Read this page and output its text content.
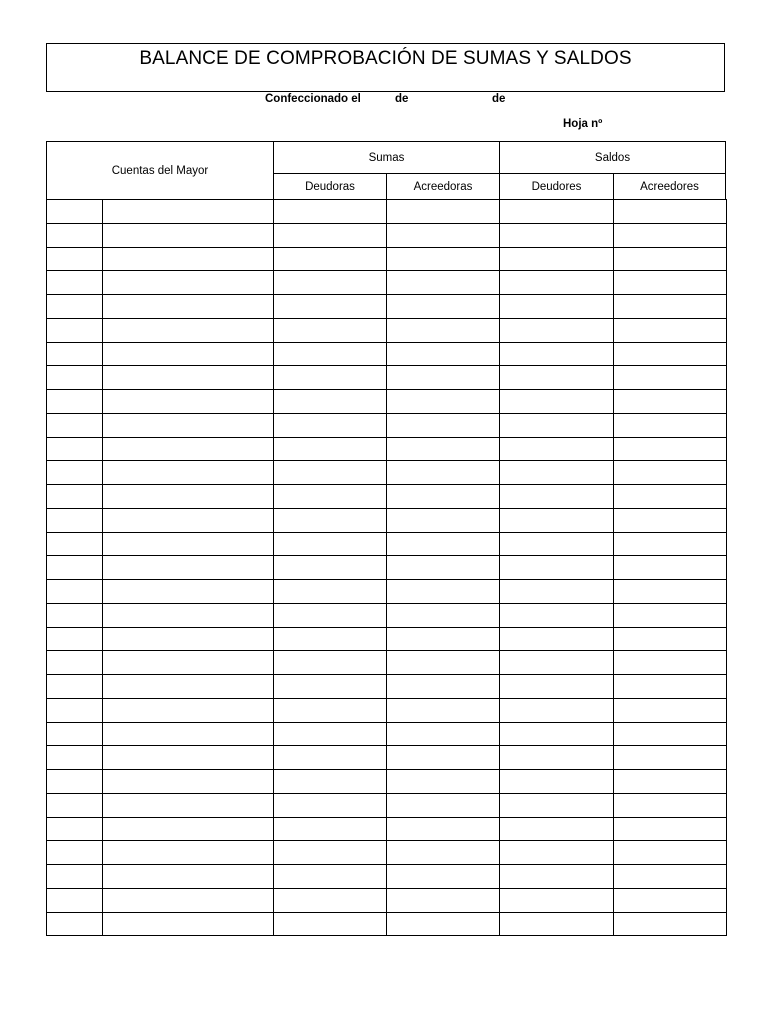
BALANCE DE COMPROBACIÓN DE SUMAS Y SALDOS
Confeccionado el	de	de
Hoja nº
Cuentas del Mayor
Sumas	Saldos
Deudoras	Acreedoras	Deudores	Acreedores
